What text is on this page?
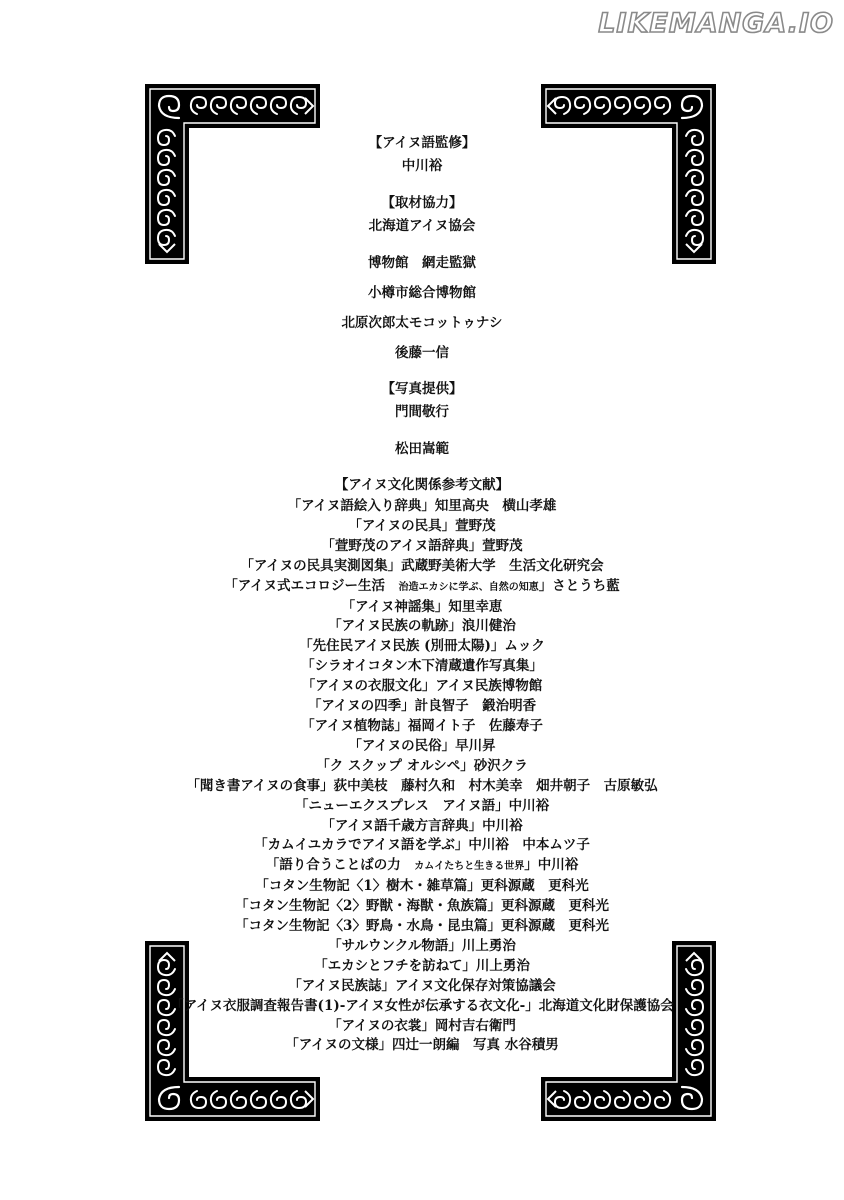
LIKEMANGA.IO

【アイヌ語監修】

中川裕

【取材協力】

北海道アイヌ協会

博物館　網走監獄

小樽市総合博物館

北原次郎太モコットゥナシ

後藤一信

【写真提供】

門間敬行

松田嵩範

【アイヌ文化関係参考文献】

「アイヌ語絵入り辞典」知里高央　横山孝雄

「アイヌの民具」萱野茂

「萱野茂のアイヌ語辞典」萱野茂

「アイヌの民具実測図集」武蔵野美術大学　生活文化研究会

「アイヌ式エコロジー生活　 治造エカシに学ぶ、自然の知恵」さとうち藍

「アイヌ神謡集」知里幸恵

「アイヌ民族の軌跡」浪川健治

「先住民アイヌ民族 (別冊太陽)」ムック

「シラオイコタン木下清蔵遺作写真集」

「アイヌの衣服文化」アイヌ民族博物館

「アイヌの四季」計良智子　鍛治明香

「アイヌ植物誌」福岡イト子　佐藤寿子

「アイヌの民俗」早川昇

「ク スクップ オルシペ」砂沢クラ

「聞き書アイヌの食事」荻中美枝　藤村久和　村木美幸　畑井朝子　古原敏弘

「ニューエクスプレス　アイヌ語」中川裕

「アイヌ語千歳方言辞典」中川裕

「カムイユカラでアイヌ語を学ぶ」中川裕　中本ムツ子

「語り合うことばの力　 カムイたちと生きる世界」中川裕

「コタン生物記〈1〉樹木・雑草篇」更科源蔵　更科光

「コタン生物記〈2〉野獣・海獣・魚族篇」更科源蔵　更科光

「コタン生物記〈3〉野鳥・水鳥・昆虫篇」更科源蔵　更科光

「サルウンクル物語」川上勇治

「エカシとフチを訪ねて」川上勇治

「アイヌ民族誌」アイヌ文化保存対策協議会

「アイヌ衣服調査報告書(1)-アイヌ女性が伝承する衣文化-」北海道文化財保護協会

「アイヌの衣裳」岡村吉右衛門

「アイヌの文様」四辻一朗編　写真 水谷積男
